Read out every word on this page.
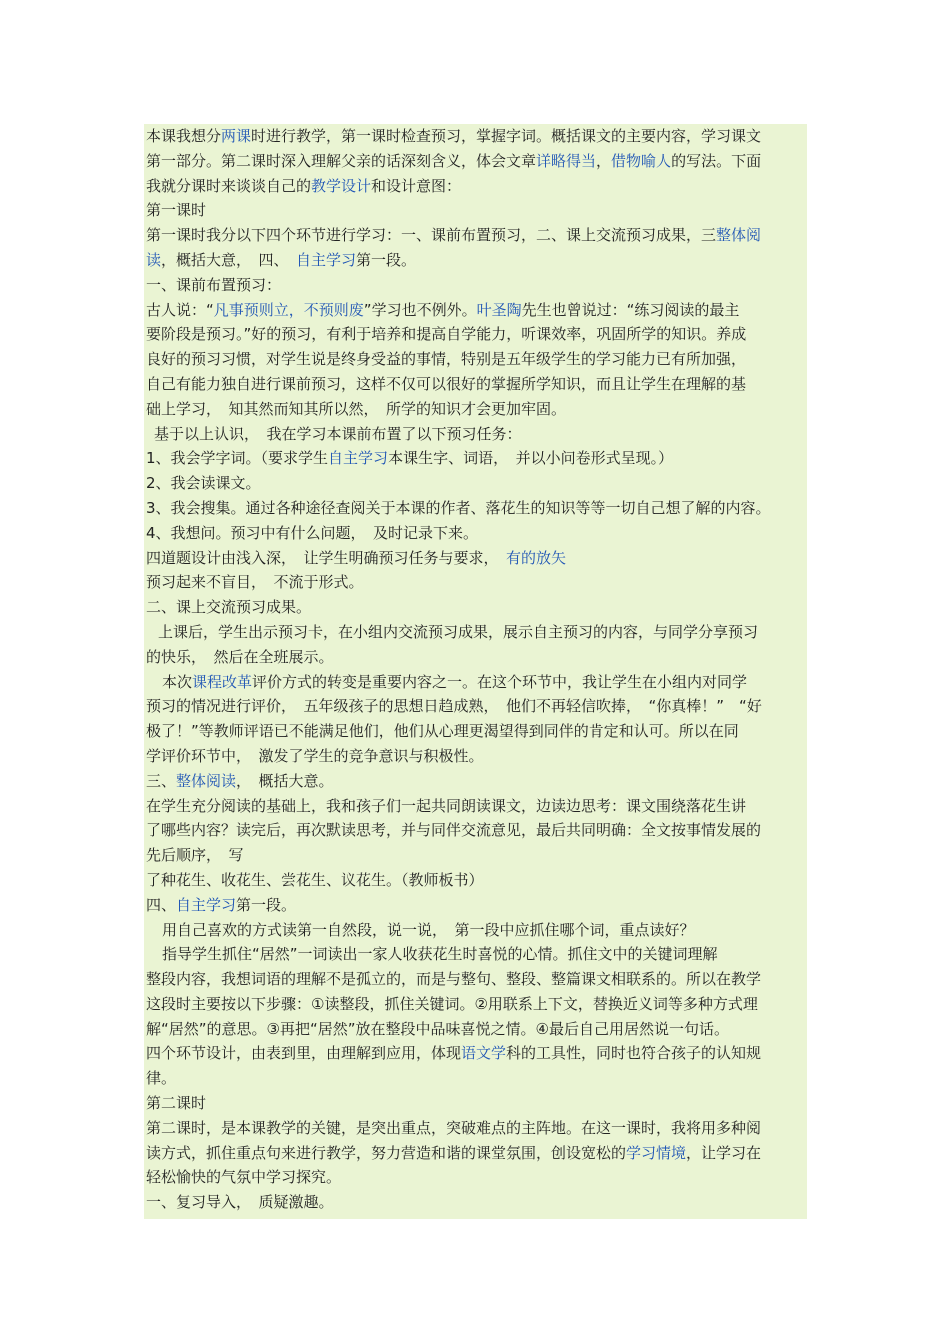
本课我想分两课时进行教学，第一课时检查预习，掌握字词。概括课文的主要内容，学习课文
第一部分。第二课时深入理解父亲的话深刻含义，体会文章详略得当，借物喻人的写法。下面
我就分课时来谈谈自己的教学设计和设计意图：
第一课时
第一课时我分以下四个环节进行学习：一、课前布置预习，二、课上交流预习成果，三整体阅
读，概括大意，　四、　自主学习第一段。
一、课前布置预习：
古人说：“凡事预则立，不预则废”学习也不例外。叶圣陶先生也曾说过：“练习阅读的最主
要阶段是预习。”好的预习，有利于培养和提高自学能力，听课效率，巩固所学的知识。养成
良好的预习习惯，对学生说是终身受益的事情，特别是五年级学生的学习能力已有所加强，
自己有能力独自进行课前预习，这样不仅可以很好的掌握所学知识，而且让学生在理解的基
础上学习，　知其然而知其所以然，　所学的知识才会更加牢固。
基于以上认识，　我在学习本课前布置了以下预习任务：
1、我会学字词。（要求学生自主学习本课生字、词语，　并以小问卷形式呈现。）
2、我会读课文。
3、我会搜集。通过各种途径查阅关于本课的作者、落花生的知识等等一切自己想了解的内容。
4、我想问。预习中有什么问题，　及时记录下来。
四道题设计由浅入深，　让学生明确预习任务与要求，　有的放矢
预习起来不盲目，　不流于形式。
二、课上交流预习成果。
上课后，学生出示预习卡，在小组内交流预习成果，展示自主预习的内容，与同学分享预习
的快乐，　然后在全班展示。
本次课程改革评价方式的转变是重要内容之一。在这个环节中，我让学生在小组内对同学
预习的情况进行评价，　五年级孩子的思想日趋成熟，　他们不再轻信吹捧，　“你真棒！”　“好
极了！”等教师评语已不能满足他们，他们从心理更渴望得到同伴的肯定和认可。所以在同
学评价环节中，　激发了学生的竞争意识与积极性。
三、整体阅读，　概括大意。
在学生充分阅读的基础上，我和孩子们一起共同朗读课文，边读边思考：课文围绕落花生讲
了哪些内容？读完后，再次默读思考，并与同伴交流意见，最后共同明确：全文按事情发展的
先后顺序，　写
了种花生、收花生、尝花生、议花生。（教师板书）
四、自主学习第一段。
用自己喜欢的方式读第一自然段，说一说，　第一段中应抓住哪个词，重点读好？
指导学生抓住“居然”一词读出一家人收获花生时喜悦的心情。抓住文中的关键词理解
整段内容，我想词语的理解不是孤立的，而是与整句、整段、整篇课文相联系的。所以在教学
这段时主要按以下步骤：①读整段，抓住关键词。②用联系上下文，替换近义词等多种方式理
解“居然”的意思。③再把“居然”放在整段中品味喜悦之情。④最后自己用居然说一句话。
四个环节设计，由表到里，由理解到应用，体现语文学科的工具性，同时也符合孩子的认知规
律。
第二课时
第二课时，是本课教学的关键，是突出重点，突破难点的主阵地。在这一课时，我将用多种阅
读方式，抓住重点句来进行教学，努力营造和谐的课堂氛围，创设宽松的学习情境，让学习在
轻松愉快的气氛中学习探究。
一、复习导入，　质疑激趣。
